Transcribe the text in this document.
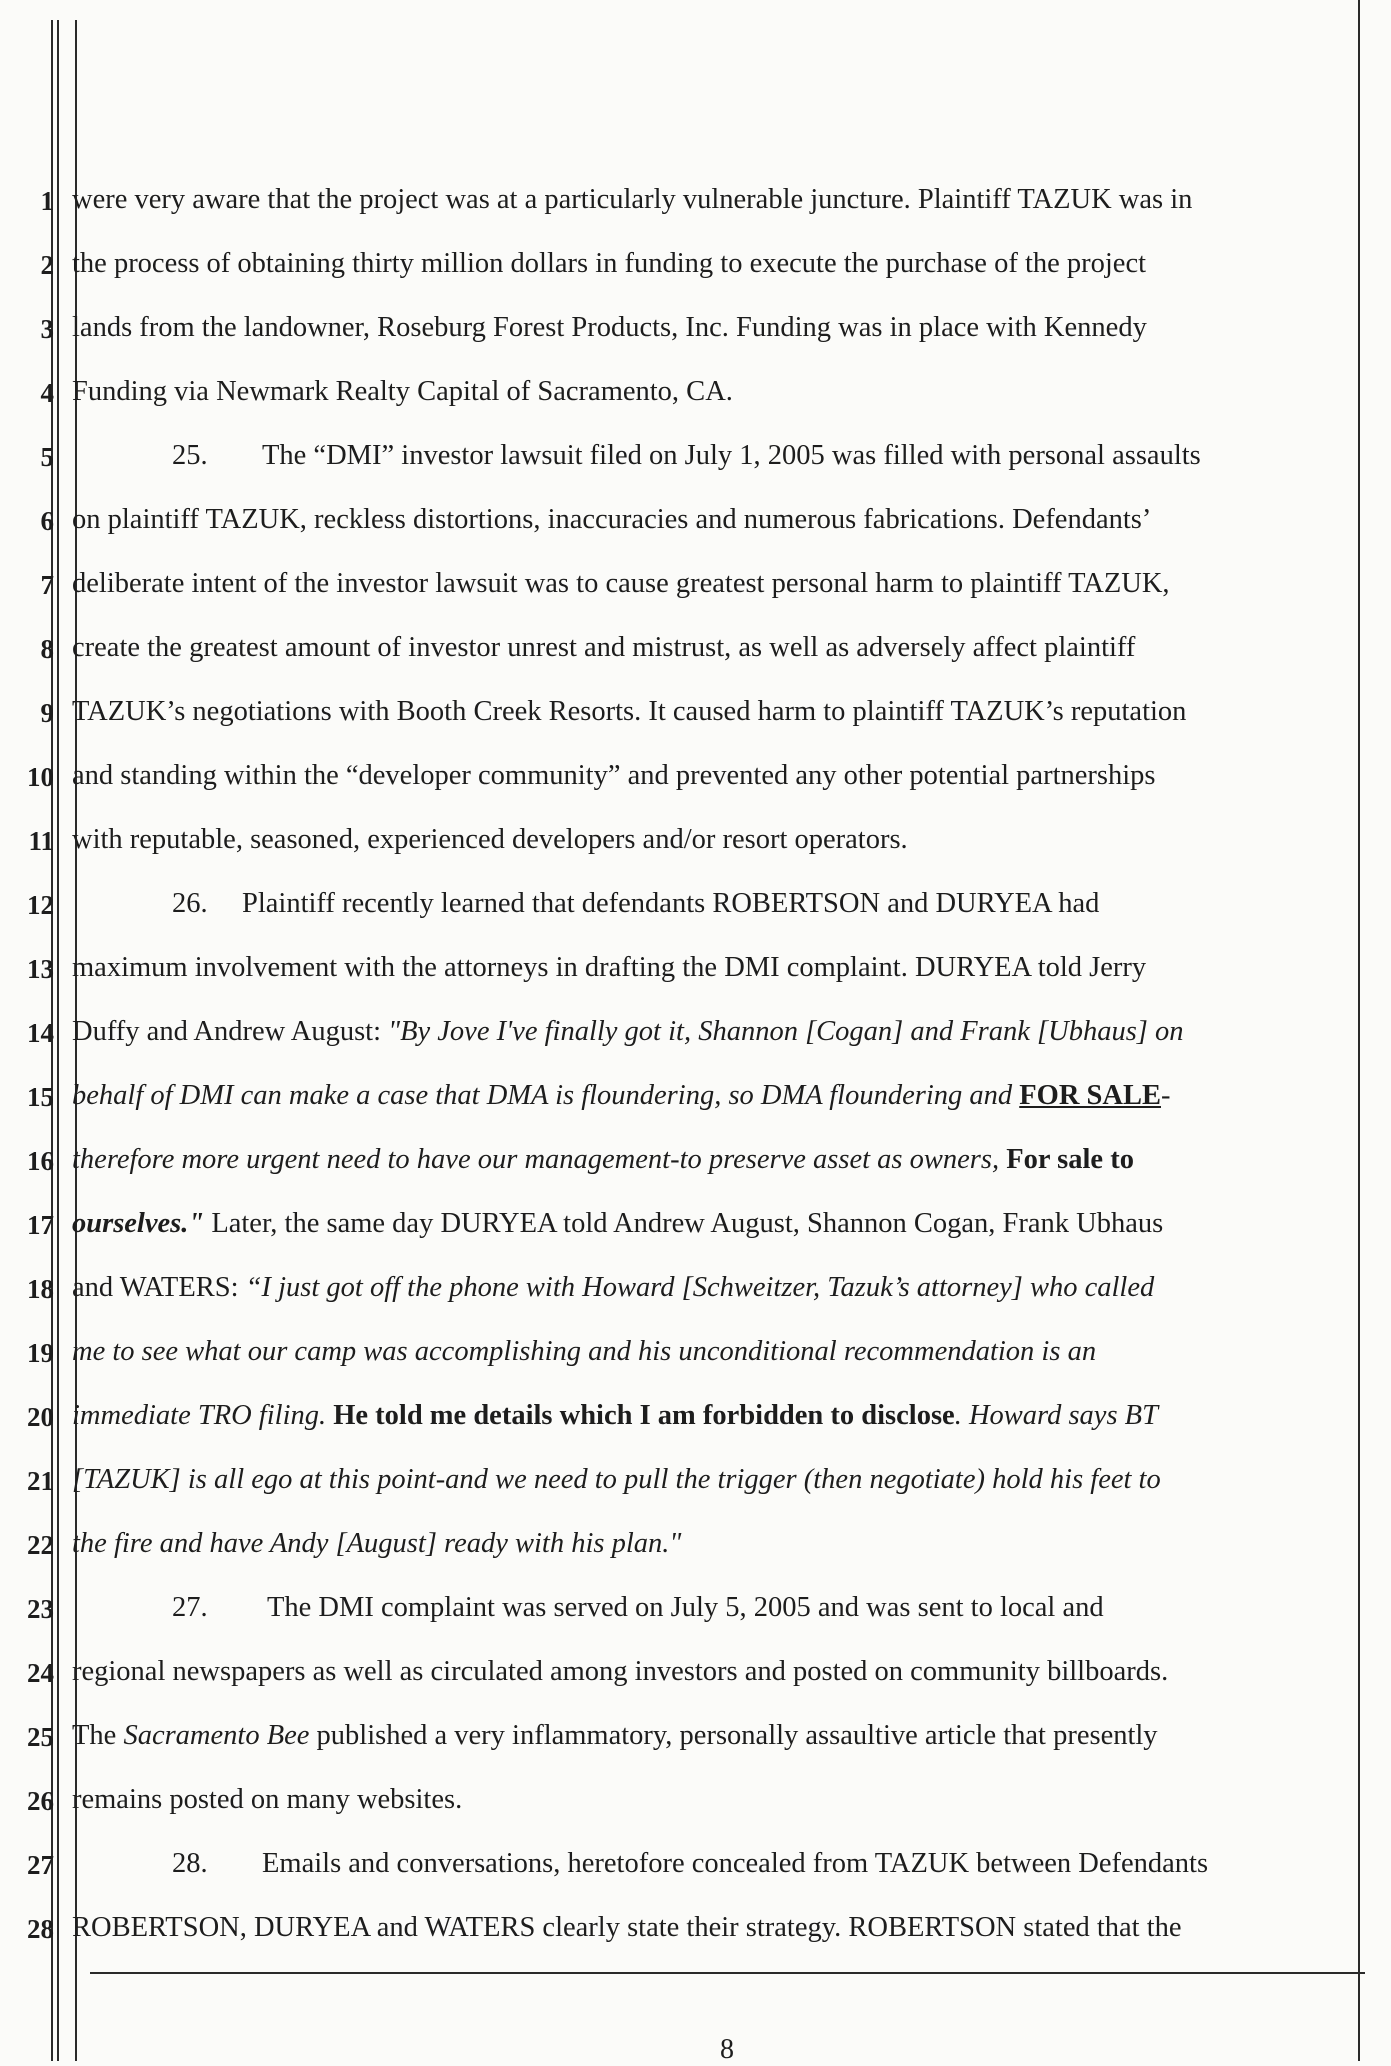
1
2
3
4
5
6
7
8
9
10
11
12
13
14
15
16
17
18
19
20
21
22
23
24
25
26
27
28
were very aware that the project was at a particularly vulnerable juncture. Plaintiff TAZUK was in
the process of obtaining thirty million dollars in funding to execute the purchase of the project
lands from the landowner, Roseburg Forest Products, Inc. Funding was in place with Kennedy
Funding via Newmark Realty Capital of Sacramento, CA.
25. The “DMI” investor lawsuit filed on July 1, 2005 was filled with personal assaults
on plaintiff TAZUK, reckless distortions, inaccuracies and numerous fabrications. Defendants’
deliberate intent of the investor lawsuit was to cause greatest personal harm to plaintiff TAZUK,
create the greatest amount of investor unrest and mistrust, as well as adversely affect plaintiff
TAZUK’s negotiations with Booth Creek Resorts. It caused harm to plaintiff TAZUK’s reputation
and standing within the “developer community” and prevented any other potential partnerships
with reputable, seasoned, experienced developers and/or resort operators.
26. Plaintiff recently learned that defendants ROBERTSON and DURYEA had
maximum involvement with the attorneys in drafting the DMI complaint. DURYEA told Jerry
Duffy and Andrew August: "By Jove I've finally got it, Shannon [Cogan] and Frank [Ubhaus] on
behalf of DMI can make a case that DMA is floundering, so DMA floundering and FOR SALE-
therefore more urgent need to have our management-to preserve asset as owners, For sale to
ourselves." Later, the same day DURYEA told Andrew August, Shannon Cogan, Frank Ubhaus
and WATERS: “I just got off the phone with Howard [Schweitzer, Tazuk’s attorney] who called
me to see what our camp was accomplishing and his unconditional recommendation is an
immediate TRO filing. He told me details which I am forbidden to disclose. Howard says BT
[TAZUK] is all ego at this point-and we need to pull the trigger (then negotiate) hold his feet to
the fire and have Andy [August] ready with his plan."
27. The DMI complaint was served on July 5, 2005 and was sent to local and
regional newspapers as well as circulated among investors and posted on community billboards.
The Sacramento Bee published a very inflammatory, personally assaultive article that presently
remains posted on many websites.
28. Emails and conversations, heretofore concealed from TAZUK between Defendants
ROBERTSON, DURYEA and WATERS clearly state their strategy. ROBERTSON stated that the
8
